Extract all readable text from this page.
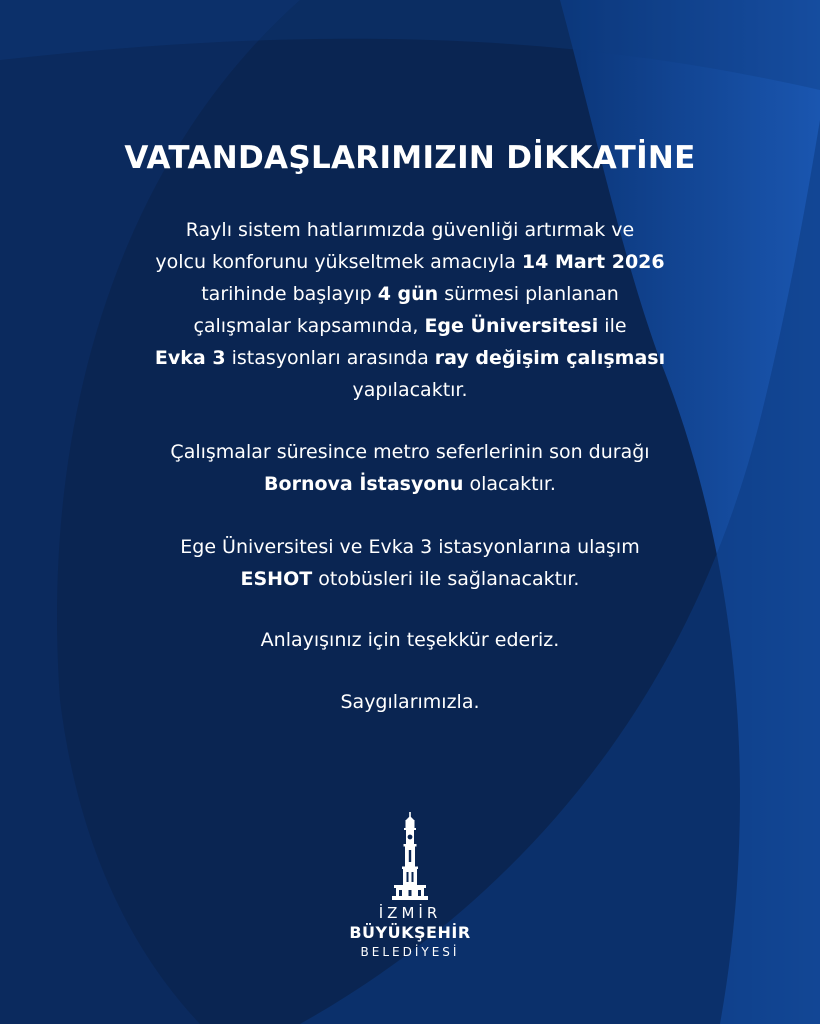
VATANDAŞLARIMIZIN DİKKATİNE
Raylı sistem hatlarımızda güvenliği artırmak ve
yolcu konforunu yükseltmek amacıyla 14 Mart 2026
tarihinde başlayıp 4 gün sürmesi planlanan
çalışmalar kapsamında, Ege Üniversitesi ile
Evka 3 istasyonları arasında ray değişim çalışması
yapılacaktır.
Çalışmalar süresince metro seferlerinin son durağı
Bornova İstasyonu olacaktır.
Ege Üniversitesi ve Evka 3 istasyonlarına ulaşım
ESHOT otobüsleri ile sağlanacaktır.
Anlayışınız için teşekkür ederiz.
Saygılarımızla.
İZMİR
BÜYÜKŞEHİR
BELEDİYESİ
